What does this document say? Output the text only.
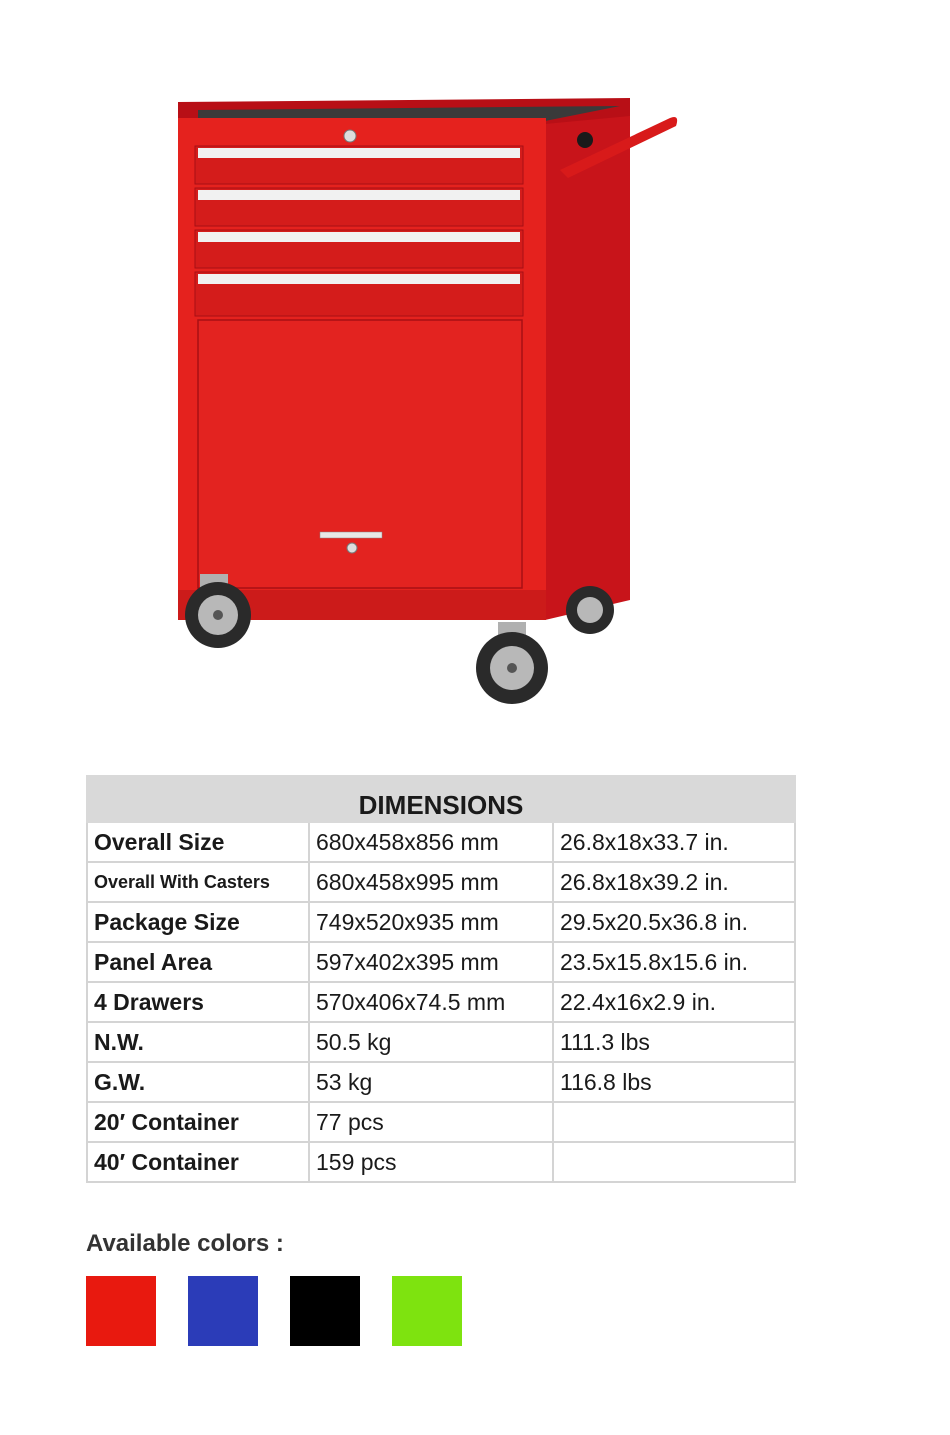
DIMENSIONS		
Overall Size	680x458x856 mm	26.8x18x33.7 in.
Overall With Casters	680x458x995 mm	26.8x18x39.2 in.
Package Size	749x520x935 mm	29.5x20.5x36.8 in.
Panel Area	597x402x395 mm	23.5x15.8x15.6 in.
4 Drawers	570x406x74.5 mm	22.4x16x2.9 in.
N.W.	50.5 kg	111.3 lbs
G.W.	53 kg	116.8 lbs
20′ Container	77 pcs	
40′ Container	159 pcs	
Available colors :
